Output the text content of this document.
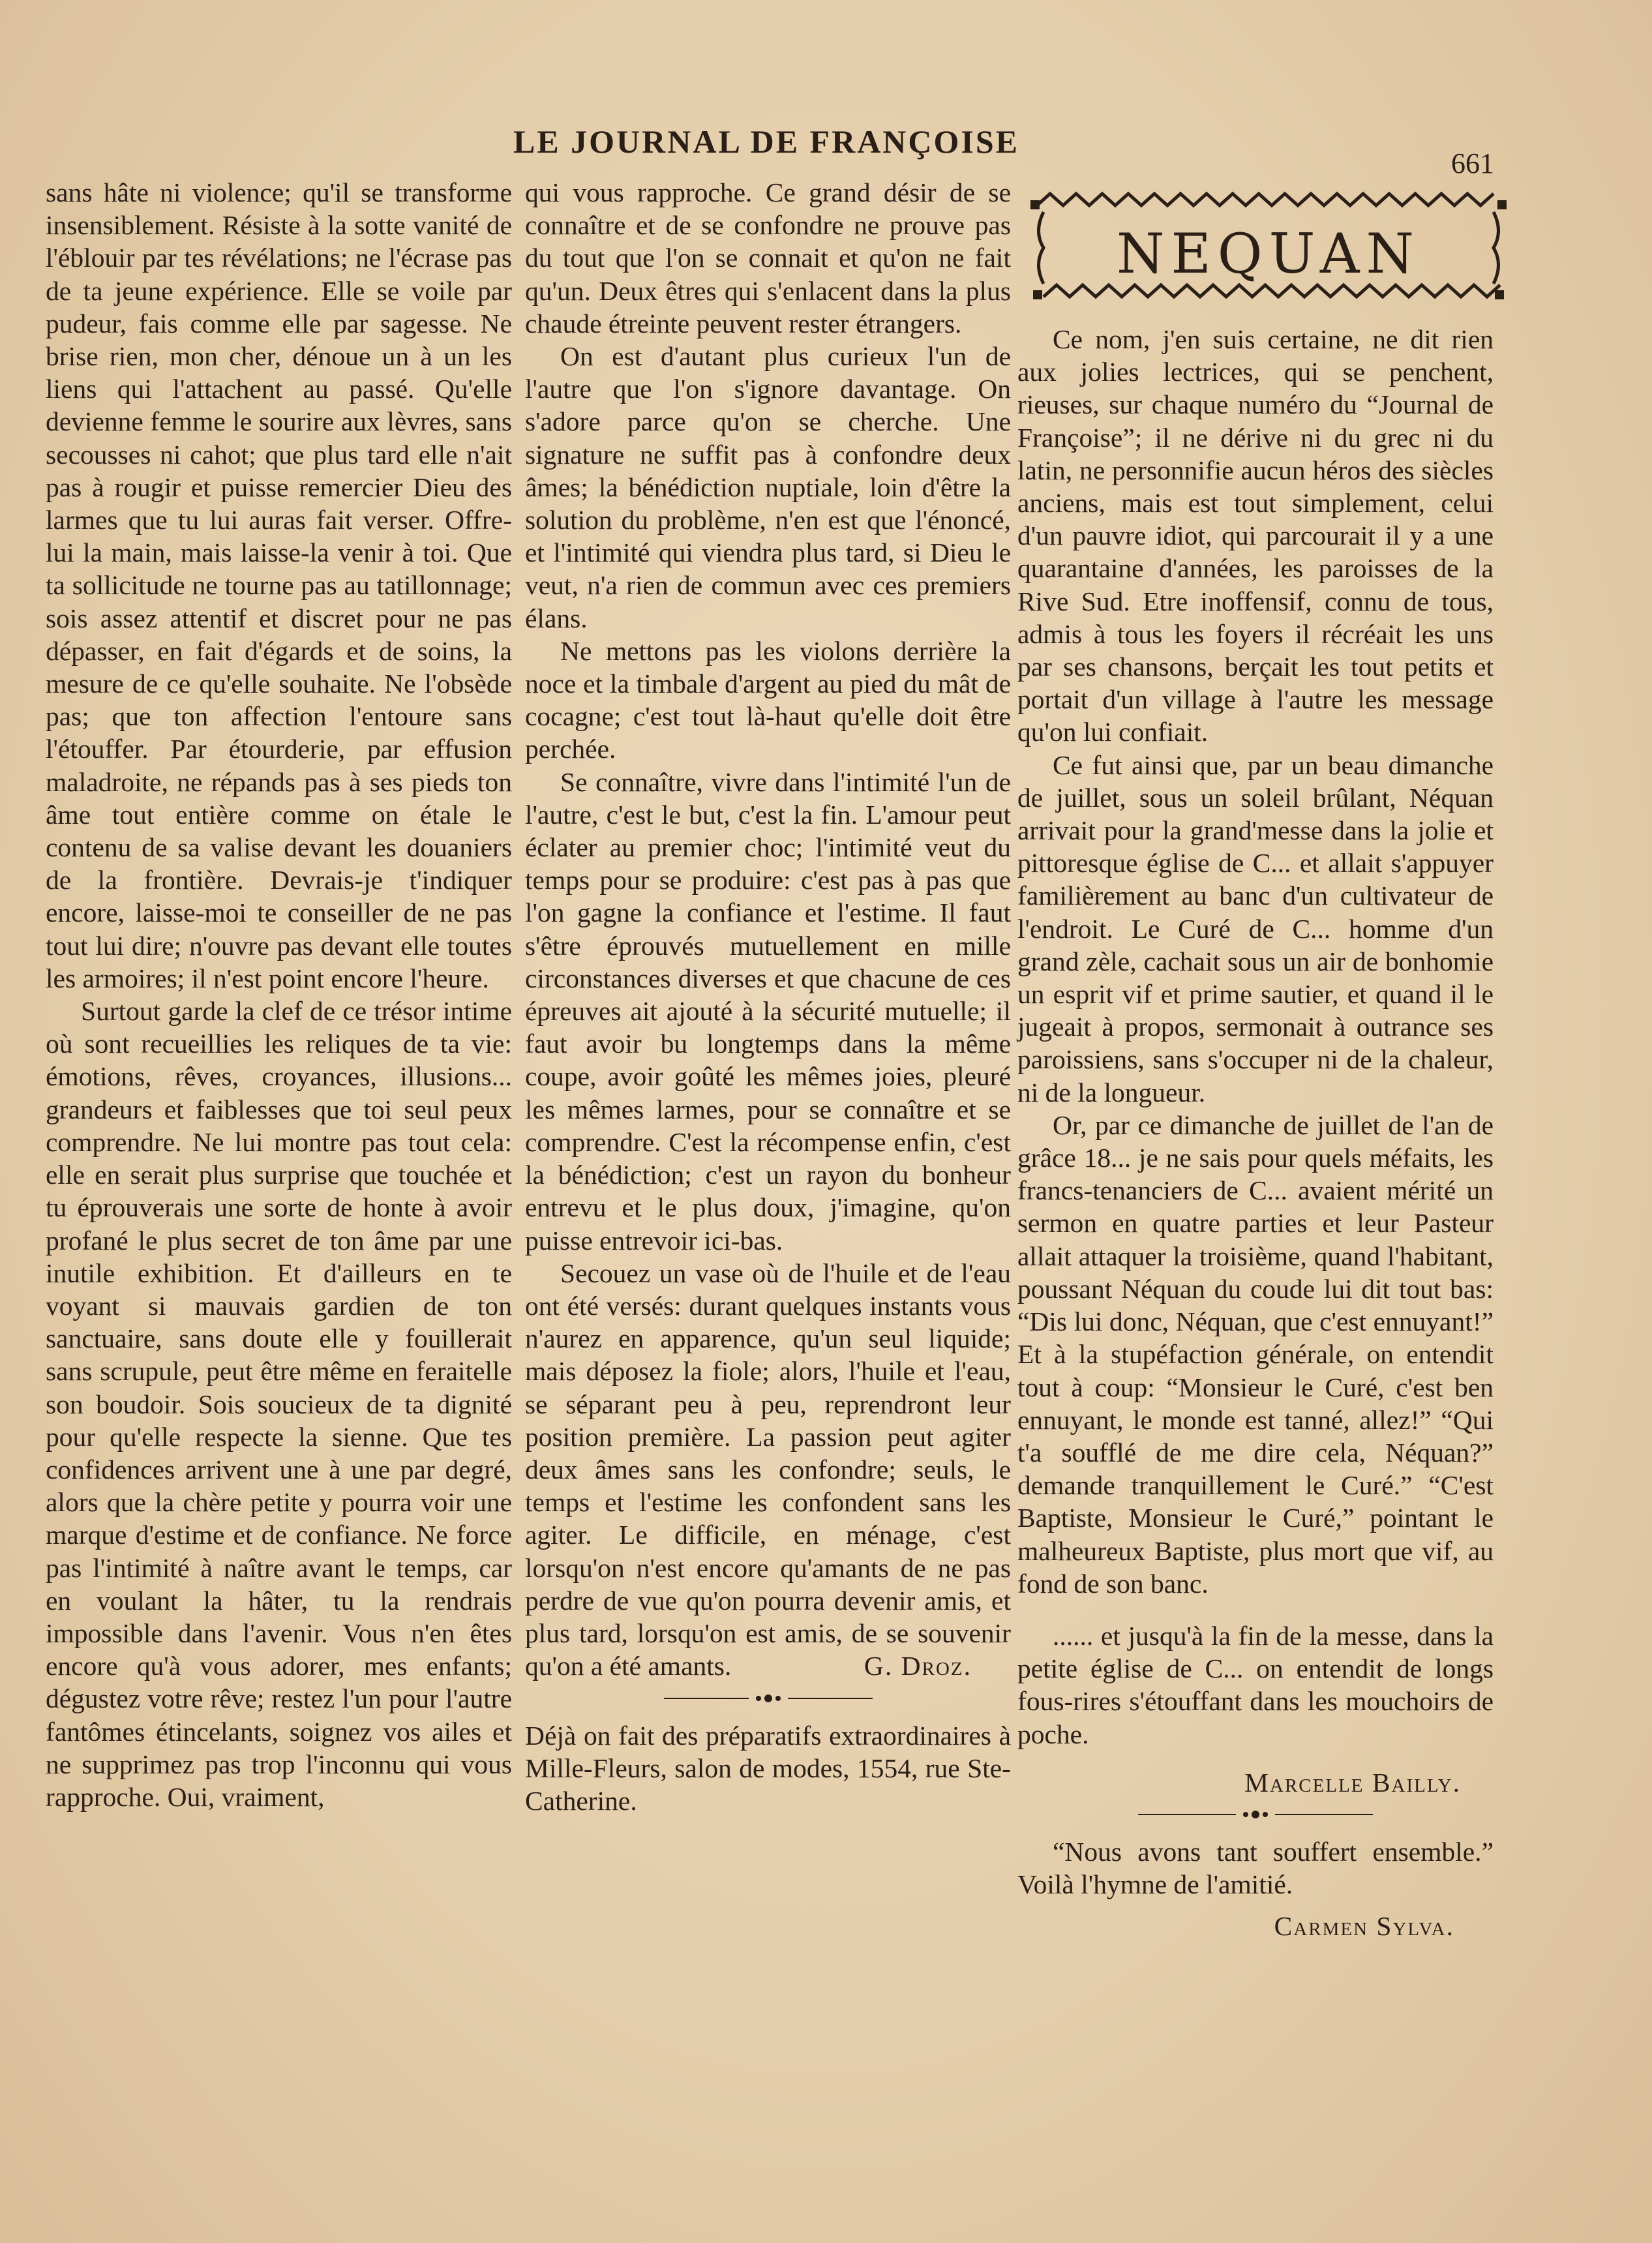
LE JOURNAL DE FRANÇOISE
661

sans hâte ni violence; qu'il se transforme insensiblement. Résiste à la sotte vanité de l'éblouir par tes révélations; ne l'écrase pas de ta jeune expérience. Elle se voile par pudeur, fais comme elle par sagesse. Ne brise rien, mon cher, dénoue un à un les liens qui l'attachent au passé. Qu'elle devienne femme le sourire aux lèvres, sans secousses ni cahot; que plus tard elle n'ait pas à rougir et puisse remercier Dieu des larmes que tu lui auras fait verser. Offre-lui la main, mais laisse-la venir à toi. Que ta sollicitude ne tourne pas au tatillonnage; sois assez attentif et discret pour ne pas dépasser, en fait d'égards et de soins, la mesure de ce qu'elle souhaite. Ne l'obsède pas; que ton affection l'entoure sans l'étouffer. Par étourderie, par effusion maladroite, ne répands pas à ses pieds ton âme tout entière comme on étale le contenu de sa valise devant les douaniers de la frontière. Devrais-je t'indiquer encore, laisse-moi te conseiller de ne pas tout lui dire; n'ouvre pas devant elle toutes les armoires; il n'est point encore l'heure.

Surtout garde la clef de ce trésor intime où sont recueillies les reliques de ta vie: émotions, rêves, croyances, illusions... grandeurs et faiblesses que toi seul peux comprendre. Ne lui montre pas tout cela: elle en serait plus surprise que touchée et tu éprouverais une sorte de honte à avoir profané le plus secret de ton âme par une inutile exhibition. Et d'ailleurs en te voyant si mauvais gardien de ton sanctuaire, sans doute elle y fouillerait sans scrupule, peut être même en feraitelle son boudoir. Sois soucieux de ta dignité pour qu'elle respecte la sienne. Que tes confidences arrivent une à une par degré, alors que la chère petite y pourra voir une marque d'estime et de confiance. Ne force pas l'intimité à naître avant le temps, car en voulant la hâter, tu la rendrais impossible dans l'avenir. Vous n'en êtes encore qu'à vous adorer, mes enfants; dégustez votre rêve; restez l'un pour l'autre fantômes étincelants, soignez vos ailes et ne supprimez pas trop l'inconnu qui vous rapproche. Oui, vraiment,

qui vous rapproche. Ce grand désir de se connaître et de se confondre ne prouve pas du tout que l'on se connait et qu'on ne fait qu'un. Deux êtres qui s'enlacent dans la plus chaude étreinte peuvent rester étrangers.

On est d'autant plus curieux l'un de l'autre que l'on s'ignore davantage. On s'adore parce qu'on se cherche. Une signature ne suffit pas à confondre deux âmes; la bénédiction nuptiale, loin d'être la solution du problème, n'en est que l'énoncé, et l'intimité qui viendra plus tard, si Dieu le veut, n'a rien de commun avec ces premiers élans.

Ne mettons pas les violons derrière la noce et la timbale d'argent au pied du mât de cocagne; c'est tout là-haut qu'elle doit être perchée.

Se connaître, vivre dans l'intimité l'un de l'autre, c'est le but, c'est la fin. L'amour peut éclater au premier choc; l'intimité veut du temps pour se produire: c'est pas à pas que l'on gagne la confiance et l'estime. Il faut s'être éprouvés mutuellement en mille circonstances diverses et que chacune de ces épreuves ait ajouté à la sécurité mutuelle; il faut avoir bu longtemps dans la même coupe, avoir goûté les mêmes joies, pleuré les mêmes larmes, pour se connaître et se comprendre. C'est la récompense enfin, c'est la bénédiction; c'est un rayon du bonheur entrevu et le plus doux, j'imagine, qu'on puisse entrevoir ici-bas.

Secouez un vase où de l'huile et de l'eau ont été versés: durant quelques instants vous n'aurez en apparence, qu'un seul liquide; mais déposez la fiole; alors, l'huile et l'eau, se séparant peu à peu, reprendront leur position première. La passion peut agiter deux âmes sans les confondre; seuls, le temps et l'estime les confondent sans les agiter. Le difficile, en ménage, c'est lorsqu'on n'est encore qu'amants de ne pas perdre de vue qu'on pourra devenir amis, et plus tard, lorsqu'on est amis, de se souvenir qu'on a été amants.	G. Droz.

Déjà on fait des préparatifs extraordinaires à Mille-Fleurs, salon de modes, 1554, rue Ste-Catherine.

NEQUAN

Ce nom, j'en suis certaine, ne dit rien aux jolies lectrices, qui se penchent, rieuses, sur chaque numéro du “Journal de Françoise”; il ne dérive ni du grec ni du latin, ne personnifie aucun héros des siècles anciens, mais est tout simplement, celui d'un pauvre idiot, qui parcourait il y a une quarantaine d'années, les paroisses de la Rive Sud. Etre inoffensif, connu de tous, admis à tous les foyers il récréait les uns par ses chansons, berçait les tout petits et portait d'un village à l'autre les message qu'on lui confiait.

Ce fut ainsi que, par un beau dimanche de juillet, sous un soleil brûlant, Néquan arrivait pour la grand'messe dans la jolie et pittoresque église de C... et allait s'appuyer familièrement au banc d'un cultivateur de l'endroit. Le Curé de C... homme d'un grand zèle, cachait sous un air de bonhomie un esprit vif et prime sautier, et quand il le jugeait à propos, sermonait à outrance ses paroissiens, sans s'occuper ni de la chaleur, ni de la longueur.

Or, par ce dimanche de juillet de l'an de grâce 18... je ne sais pour quels méfaits, les francs-tenanciers de C... avaient mérité un sermon en quatre parties et leur Pasteur allait attaquer la troisième, quand l'habitant, poussant Néquan du coude lui dit tout bas: “Dis lui donc, Néquan, que c'est ennuyant!” Et à la stupéfaction générale, on entendit tout à coup: “Monsieur le Curé, c'est ben ennuyant, le monde est tanné, allez!” “Qui t'a soufflé de me dire cela, Néquan?” demande tranquillement le Curé.” “C'est Baptiste, Monsieur le Curé,” pointant le malheureux Baptiste, plus mort que vif, au fond de son banc.

...... et jusqu'à la fin de la messe, dans la petite église de C... on entendit de longs fous-rires s'étouffant dans les mouchoirs de poche.

Marcelle Bailly.

“Nous avons tant souffert ensemble.” Voilà l'hymne de l'amitié.

Carmen Sylva.
